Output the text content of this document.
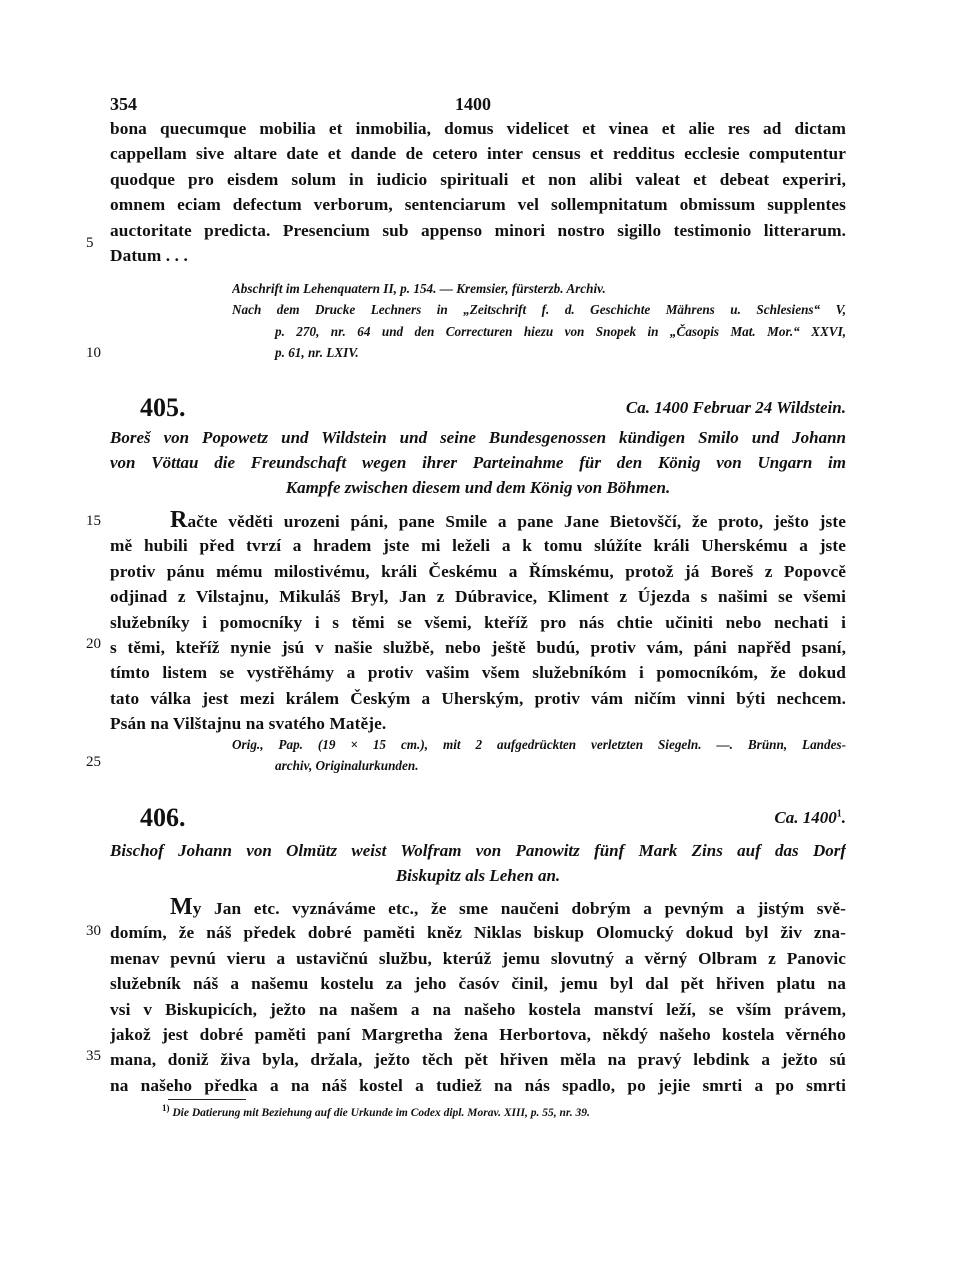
354	1400
bona quecumque mobilia et inmobilia, domus videlicet et vinea et alie res ad dictam
cappellam sive altare date et dande de cetero inter census et redditus ecclesie computentur
quodque pro eisdem solum in iudicio spirituali et non alibi valeat et debeat experiri,
omnem eciam defectum verborum, sentenciarum vel sollempnitatum obmissum supplentes
auctoritate predicta. Presencium sub appenso minori nostro sigillo testimonio litterarum.
Datum . . .
Abschrift im Lehenquatern II, p. 154. — Kremsier, fürsterzb. Archiv.
Nach dem Drucke Lechners in „Zeitschrift f. d. Geschichte Mährens u. Schlesiens“ V,
p. 270, nr. 64 und den Correcturen hiezu von Snopek in „Časopis Mat. Mor.“ XXVI,
p. 61, nr. LXIV.
405.	Ca. 1400 Februar 24 Wildstein.
Boreš von Popowetz und Wildstein und seine Bundesgenossen kündigen Smilo und Johann
von Vöttau die Freundschaft wegen ihrer Parteinahme für den König von Ungarn im
Kampfe zwischen diesem und dem König von Böhmen.
Račte věděti urozeni páni, pane Smile a pane Jane Bietovščí, že proto, ješto jste
mě hubili před tvrzí a hradem jste mi leželi a k tomu slúžíte králi Uherskému a jste
protiv pánu mému milostivému, králi Českému a Římskému, protož já Boreš z Popovcě
odjinad z Vilstajnu, Mikuláš Bryl, Jan z Dúbravice, Kliment z Újezda s našimi se všemi
služebníky i pomocníky i s těmi se všemi, kteříž pro nás chtie učiniti nebo nechati i
s těmi, kteříž nynie jsú v našie službě, nebo ještě budú, protiv vám, páni napřěd psaní,
tímto listem se vystřěhámy a protiv vašim všem služebníkóm i pomocníkóm, že dokud
tato válka jest mezi králem Českým a Uherským, protiv vám ničím vinni býti nechcem.
Psán na Vilštajnu na svatého Matěje.
Orig., Pap. (19 × 15 cm.), mit 2 aufgedrückten verletzten Siegeln. —. Brünn, Landes-
archiv, Originalurkunden.
406.	Ca. 1400$^1$.
Bischof Johann von Olmütz weist Wolfram von Panowitz fünf Mark Zins auf das Dorf
Biskupitz als Lehen an.
My Jan etc. vyznáváme etc., že sme naučeni dobrým a pevným a jistým svě-
domím, že náš předek dobré paměti kněz Niklas biskup Olomucký dokud byl živ zna-
menav pevnú vieru a ustavičnú službu, kterúž jemu slovutný a věrný Olbram z Panovic
služebník náš a našemu kostelu za jeho časóv činil, jemu byl dal pět hřiven platu na
vsi v Biskupicích, ježto na našem a na našeho kostela manství leží, se vším právem,
jakož jest dobré paměti paní Margretha žena Herbortova, někdý našeho kostela věrného
mana, doniž živa byla, držala, ježto těch pět hřiven měla na pravý lebdink a ježto sú
na našeho předka a na náš kostel a tudiež na nás spadlo, po jejie smrti a po smrti
5
10
15
20
25
30
35
$^{1)}$ Die Datierung mit Beziehung auf die Urkunde im Codex dipl. Morav. XIII, p. 55, nr. 39.
